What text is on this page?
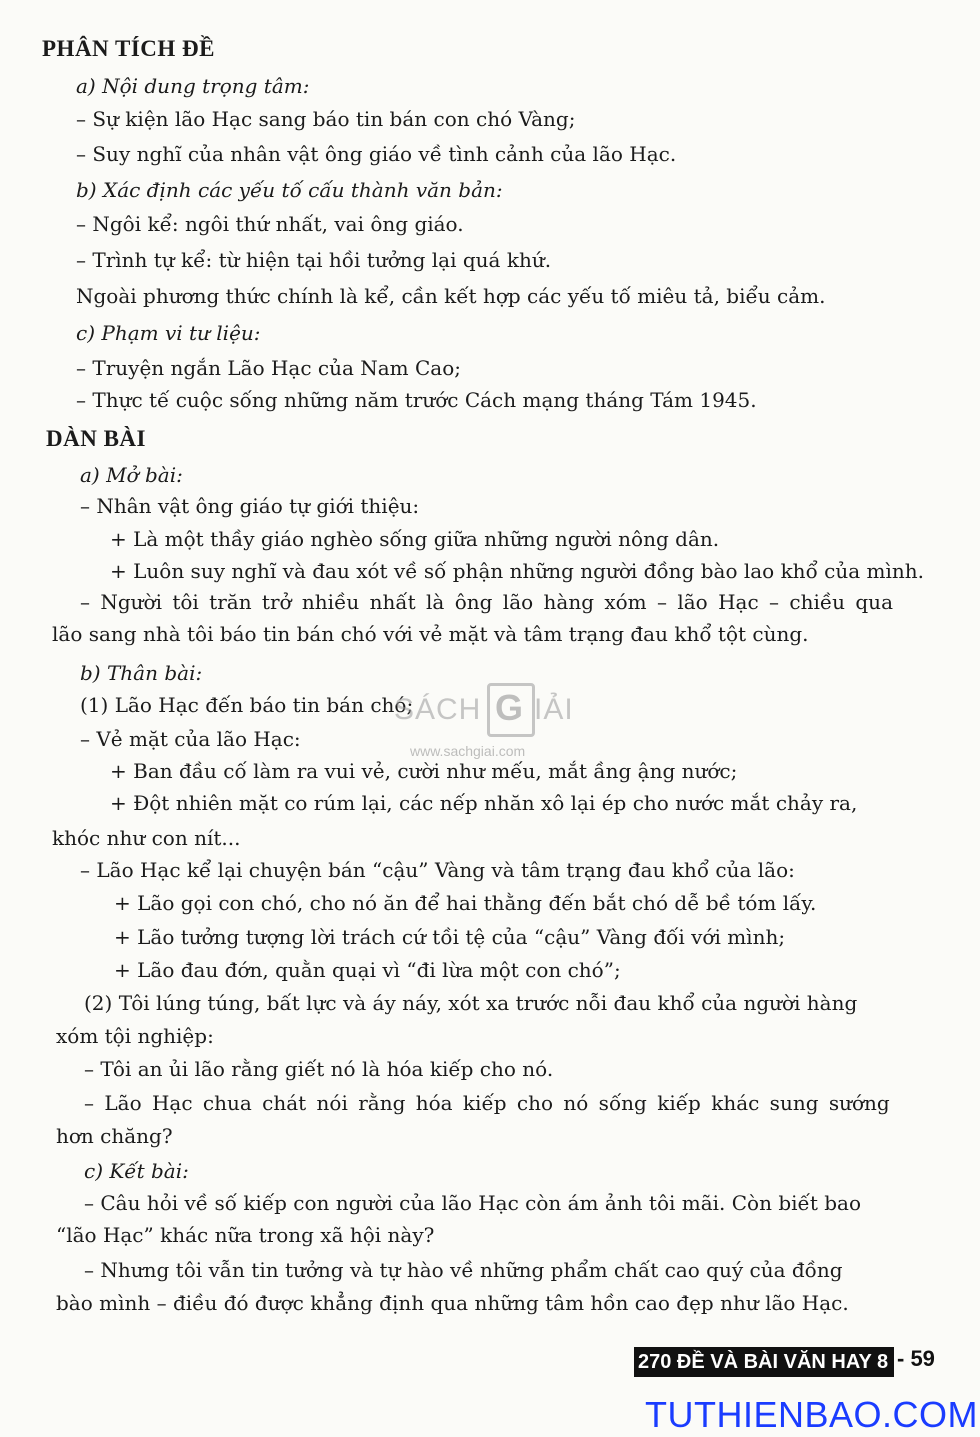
PHÂN TÍCH ĐỀ
a) Nội dung trọng tâm:
– Sự kiện lão Hạc sang báo tin bán con chó Vàng;
– Suy nghĩ của nhân vật ông giáo về tình cảnh của lão Hạc.
b) Xác định các yếu tố cấu thành văn bản:
– Ngôi kể: ngôi thứ nhất, vai ông giáo.
– Trình tự kể: từ hiện tại hồi tưởng lại quá khứ.
Ngoài phương thức chính là kể, cần kết hợp các yếu tố miêu tả, biểu cảm.
c) Phạm vi tư liệu:
– Truyện ngắn Lão Hạc của Nam Cao;
– Thực tế cuộc sống những năm trước Cách mạng tháng Tám 1945.
DÀN BÀI
a) Mở bài:
– Nhân vật ông giáo tự giới thiệu:
+ Là một thầy giáo nghèo sống giữa những người nông dân.
+ Luôn suy nghĩ và đau xót về số phận những người đồng bào lao khổ của mình.
– Người tôi trăn trở nhiều nhất là ông lão hàng xóm – lão Hạc – chiều qua
lão sang nhà tôi báo tin bán chó với vẻ mặt và tâm trạng đau khổ tột cùng.
b) Thân bài:
(1) Lão Hạc đến báo tin bán chó;
– Vẻ mặt của lão Hạc:
+ Ban đầu cố làm ra vui vẻ, cười như mếu, mắt ầng ậng nước;
+ Đột nhiên mặt co rúm lại, các nếp nhăn xô lại ép cho nước mắt chảy ra,
khóc như con nít...
– Lão Hạc kể lại chuyện bán “cậu” Vàng và tâm trạng đau khổ của lão:
+ Lão gọi con chó, cho nó ăn để hai thằng đến bắt chó dễ bề tóm lấy.
+ Lão tưởng tượng lời trách cứ tồi tệ của “cậu” Vàng đối với mình;
+ Lão đau đớn, quằn quại vì “đi lừa một con chó”;
(2) Tôi lúng túng, bất lực và áy náy, xót xa trước nỗi đau khổ của người hàng
xóm tội nghiệp:
– Tôi an ủi lão rằng giết nó là hóa kiếp cho nó.
– Lão Hạc chua chát nói rằng hóa kiếp cho nó sống kiếp khác sung sướng
hơn chăng?
c) Kết bài:
– Câu hỏi về số kiếp con người của lão Hạc còn ám ảnh tôi mãi. Còn biết bao
“lão Hạc” khác nữa trong xã hội này?
– Nhưng tôi vẫn tin tưởng và tự hào về những phẩm chất cao quý của đồng
bào mình – điều đó được khẳng định qua những tâm hồn cao đẹp như lão Hạc.
SÁCH G IẢI
www.sachgiai.com
270 ĐỀ VÀ BÀI VĂN HAY 8 - 59
TUTHIENBAO.COM
